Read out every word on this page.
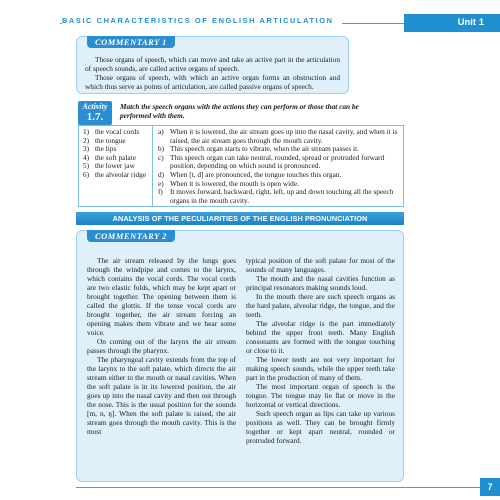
BASIC CHARACTERISTICS OF ENGLISH ARTICULATION	Unit 1
COMMENTARY 1

Those organs of speech, which can move and take an active part in the articulation of speech sounds, are called active organs of speech.

Those organs of speech, with which an active organ forms an obstruction and which thus serve as points of articulation, are called passive organs of speech.

Activity
1.7.
Match the speech organs with the actions they can perform or those that can be performed with them.
1) the vocal cords
2) the tongue
3) the lips
4) the soft palate
5) the lower jaw
6) the alveolar ridge
a) When it is lowered, the air stream goes up into the nasal cavity, and when it is raised, the air stream goes through the mouth cavity.
b) This speech organ starts to vibrate, when the air stream passes it.
c) This speech organ can take neutral, rounded, spread or protruded forward position, depending on which sound is pronounced.
d) When [t, d] are pronounced, the tongue touches this organ.
e) When it is lowered, the mouth is open wide.
f) It moves forward, backward, right, left, up and down touching all the speech organs in the mouth cavity.
ANALYSIS OF THE PECULIARITIES OF THE ENGLISH PRONUNCIATION
COMMENTARY 2

The air stream released by the lungs goes through the windpipe and comes to the larynx, which contains the vocal cords. The vocal cords are two elastic folds, which may be kept apart or brought together. The opening between them is called the glottis. If the tense vocal cords are brought together, the air stream forcing an opening makes them vibrate and we hear some voice.

On coming out of the larynx the air stream passes through the pharynx.

The pharyngeal cavity extends from the top of the larynx to the soft palate, which directs the air stream either to the mouth or nasal cavities. When the soft palate is in its lowered position, the air goes up into the nasal cavity and then out through the nose. This is the usual position for the sounds [m, n, ŋ]. When the soft palate is raised, the air stream goes through the mouth cavity. This is the most

typical position of the soft palate for most of the sounds of many languages.

The mouth and the nasal cavities function as principal resonators making sounds loud.

In the mouth there are such speech organs as the hard palate, alveolar ridge, the tongue, and the teeth.

The alveolar ridge is the part immediately behind the upper front teeth. Many English consonants are formed with the tongue touching or close to it.

The lower teeth are not very important for making speech sounds, while the upper teeth take part in the production of many of them.

The most important organ of speech is the tongue. The tongue may lie flat or move in the horizontal or vertical directions.

Such speech organ as lips can take up various positions as well. They can be brought firmly together or kept apart neutral, rounded or protruded forward.

7
